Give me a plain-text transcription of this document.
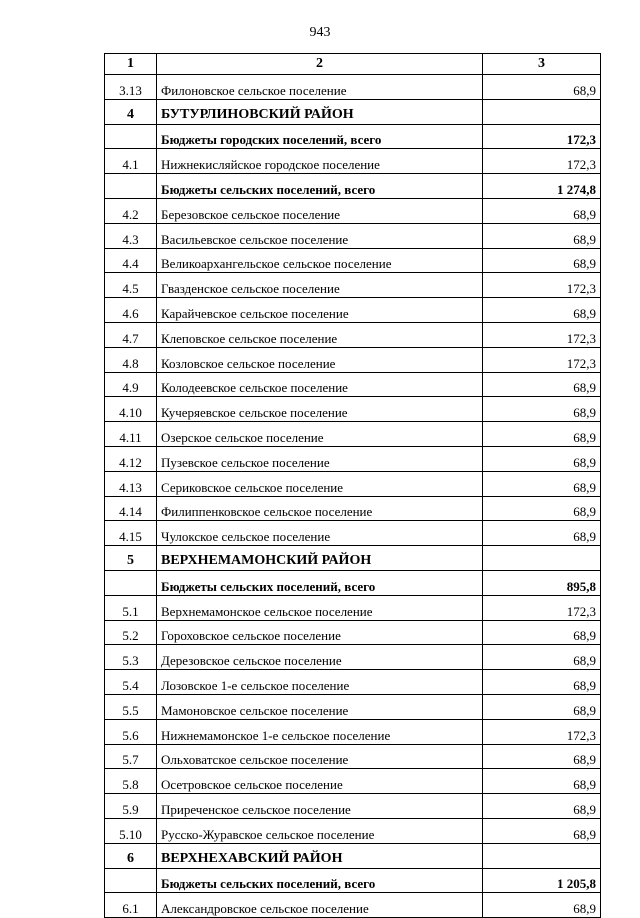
943
1	2	3
3.13	Филоновское сельское поселение	68,9
4	БУТУРЛИНОВСКИЙ РАЙОН	
	Бюджеты городских поселений, всего	172,3
4.1	Нижнекисляйское городское поселение	172,3
	Бюджеты сельских поселений, всего	1 274,8
4.2	Березовское сельское поселение	68,9
4.3	Васильевское сельское поселение	68,9
4.4	Великоархангельское сельское поселение	68,9
4.5	Гвазденское сельское поселение	172,3
4.6	Карайчевское сельское поселение	68,9
4.7	Клеповское сельское поселение	172,3
4.8	Козловское сельское поселение	172,3
4.9	Колодеевское сельское поселение	68,9
4.10	Кучеряевское сельское поселение	68,9
4.11	Озерское сельское поселение	68,9
4.12	Пузевское сельское поселение	68,9
4.13	Сериковское сельское поселение	68,9
4.14	Филиппенковское сельское поселение	68,9
4.15	Чулокское сельское поселение	68,9
5	ВЕРХНЕМАМОНСКИЙ РАЙОН	
	Бюджеты сельских поселений, всего	895,8
5.1	Верхнемамонское сельское поселение	172,3
5.2	Гороховское сельское поселение	68,9
5.3	Дерезовское сельское поселение	68,9
5.4	Лозовское 1-е сельское поселение	68,9
5.5	Мамоновское сельское поселение	68,9
5.6	Нижнемамонское 1-е сельское поселение	172,3
5.7	Ольховатское сельское поселение	68,9
5.8	Осетровское сельское поселение	68,9
5.9	Приреченское сельское поселение	68,9
5.10	Русско-Журавское сельское поселение	68,9
6	ВЕРХНЕХАВСКИЙ РАЙОН	
	Бюджеты сельских поселений, всего	1 205,8
6.1	Александровское сельское поселение	68,9
